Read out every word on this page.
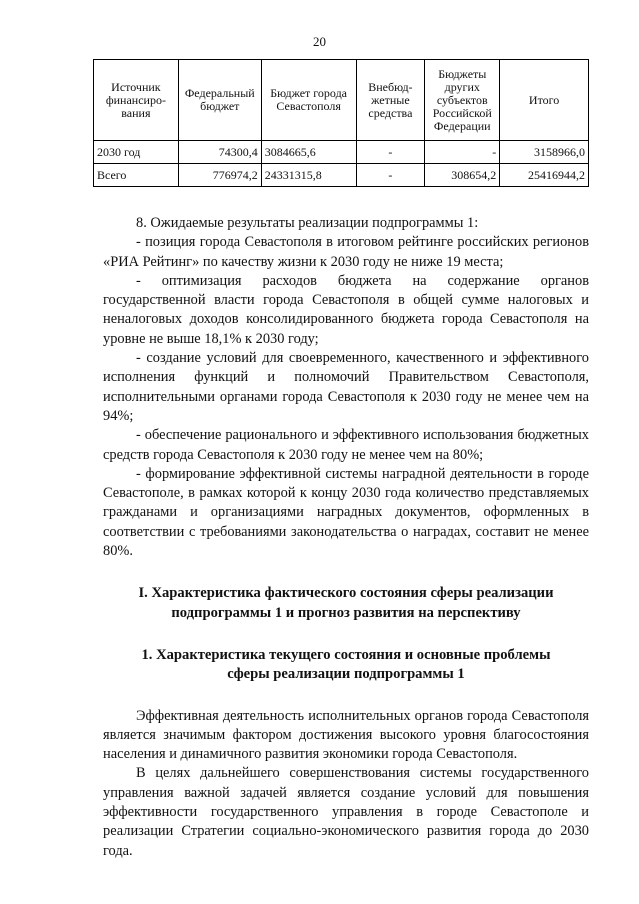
20
Источник финансиро-вания	Федеральный бюджет	Бюджет города Севастополя	Внебюд-жетные средства	Бюджеты других субъектов Российской Федерации	Итого
2030 год	74300,4	3084665,6	-	-	3158966,0
Всего	776974,2	24331315,8	-	308654,2	25416944,2

8. Ожидаемые результаты реализации подпрограммы 1:

- позиция города Севастополя в итоговом рейтинге российских регионов «РИА Рейтинг» по качеству жизни к 2030 году не ниже 19 места;

- оптимизация расходов бюджета на содержание органов государственной власти города Севастополя в общей сумме налоговых и неналоговых доходов консолидированного бюджета города Севастополя на уровне не выше 18,1% к 2030 году;

- создание условий для своевременного, качественного и эффективного исполнения функций и полномочий Правительством Севастополя, исполнительными органами города Севастополя к 2030 году не менее чем на 94%;

- обеспечение рационального и эффективного использования бюджетных средств города Севастополя к 2030 году не менее чем на 80%;

- формирование эффективной системы наградной деятельности в городе Севастополе, в рамках которой к концу 2030 года количество представляемых гражданами и организациями наградных документов, оформленных в соответствии с требованиями законодательства о наградах, составит не менее 80%.

I. Характеристика фактического состояния сферы реализации

подпрограммы 1 и прогноз развития на перспективу

1. Характеристика текущего состояния и основные проблемы

сферы реализации подпрограммы 1

Эффективная деятельность исполнительных органов города Севастополя является значимым фактором достижения высокого уровня благосостояния населения и динамичного развития экономики города Севастополя.

В целях дальнейшего совершенствования системы государственного управления важной задачей является создание условий для повышения эффективности государственного управления в городе Севастополе и реализации Стратегии социально-экономического развития города до 2030 года.
